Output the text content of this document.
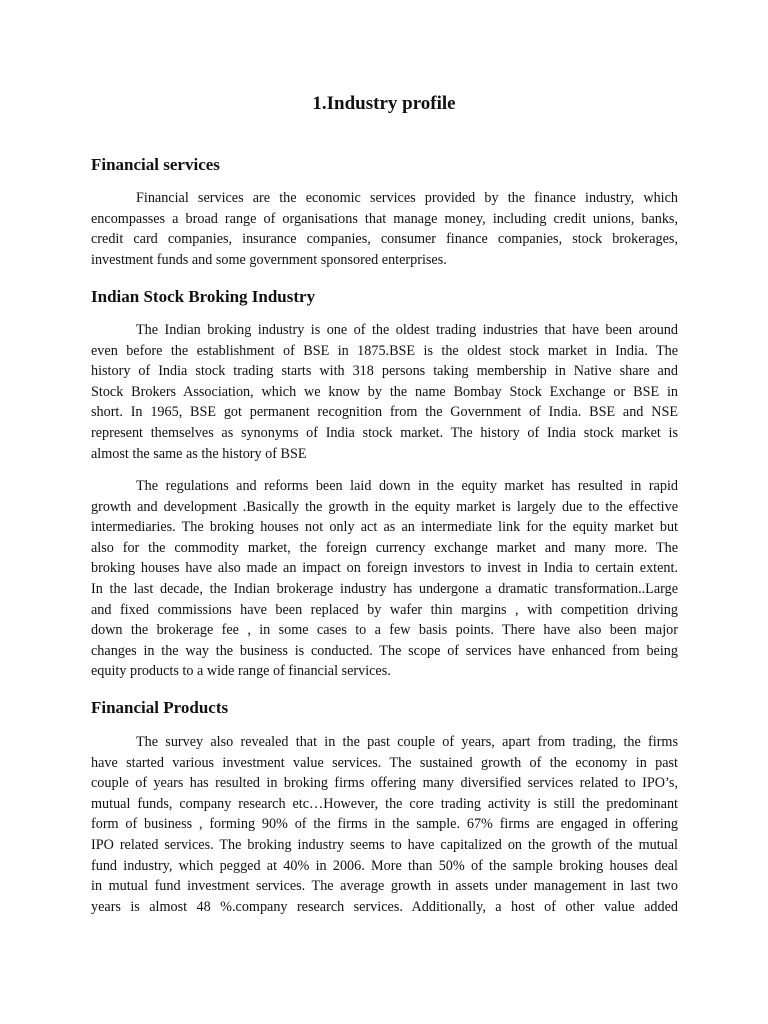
1.Industry profile
Financial services
Financial services are the economic services provided by the finance industry, which
encompasses a broad range of organisations that manage money, including credit unions, banks,
credit card companies, insurance companies, consumer finance companies, stock brokerages,
investment funds and some government sponsored enterprises.
Indian Stock Broking Industry
The Indian broking industry is one of the oldest trading industries that have been around
even before the establishment of BSE in 1875.BSE is the oldest stock market in India. The
history of India stock trading starts with 318 persons taking membership in Native share and
Stock Brokers Association, which we know by the name Bombay Stock Exchange or BSE in
short. In 1965, BSE got permanent recognition from the Government of India. BSE and NSE
represent themselves as synonyms of India stock market. The history of India stock market is
almost the same as the history of BSE
The regulations and reforms been laid down in the equity market has resulted in rapid
growth and development .Basically the growth in the equity market is largely due to the effective
intermediaries. The broking houses not only act as an intermediate link for the equity market but
also for the commodity market, the foreign currency exchange market and many more. The
broking houses have also made an impact on foreign investors to invest in India to certain extent.
In the last decade, the Indian brokerage industry has undergone a dramatic transformation..Large
and fixed commissions have been replaced by wafer thin margins , with competition driving
down the brokerage fee , in some cases to a few basis points. There have also been major
changes in the way the business is conducted. The scope of services have enhanced from being
equity products to a wide range of financial services.
Financial Products
The survey also revealed that in the past couple of years, apart from trading, the firms
have started various investment value services. The sustained growth of the economy in past
couple of years has resulted in broking firms offering many diversified services related to IPO’s,
mutual funds, company research etc…However, the core trading activity is still the predominant
form of business , forming 90% of the firms in the sample. 67% firms are engaged in offering
IPO related services. The broking industry seems to have capitalized on the growth of the mutual
fund industry, which pegged at 40% in 2006. More than 50% of the sample broking houses deal
in mutual fund investment services. The average growth in assets under management in last two
years is almost 48 %.company research services. Additionally, a host of other value added
